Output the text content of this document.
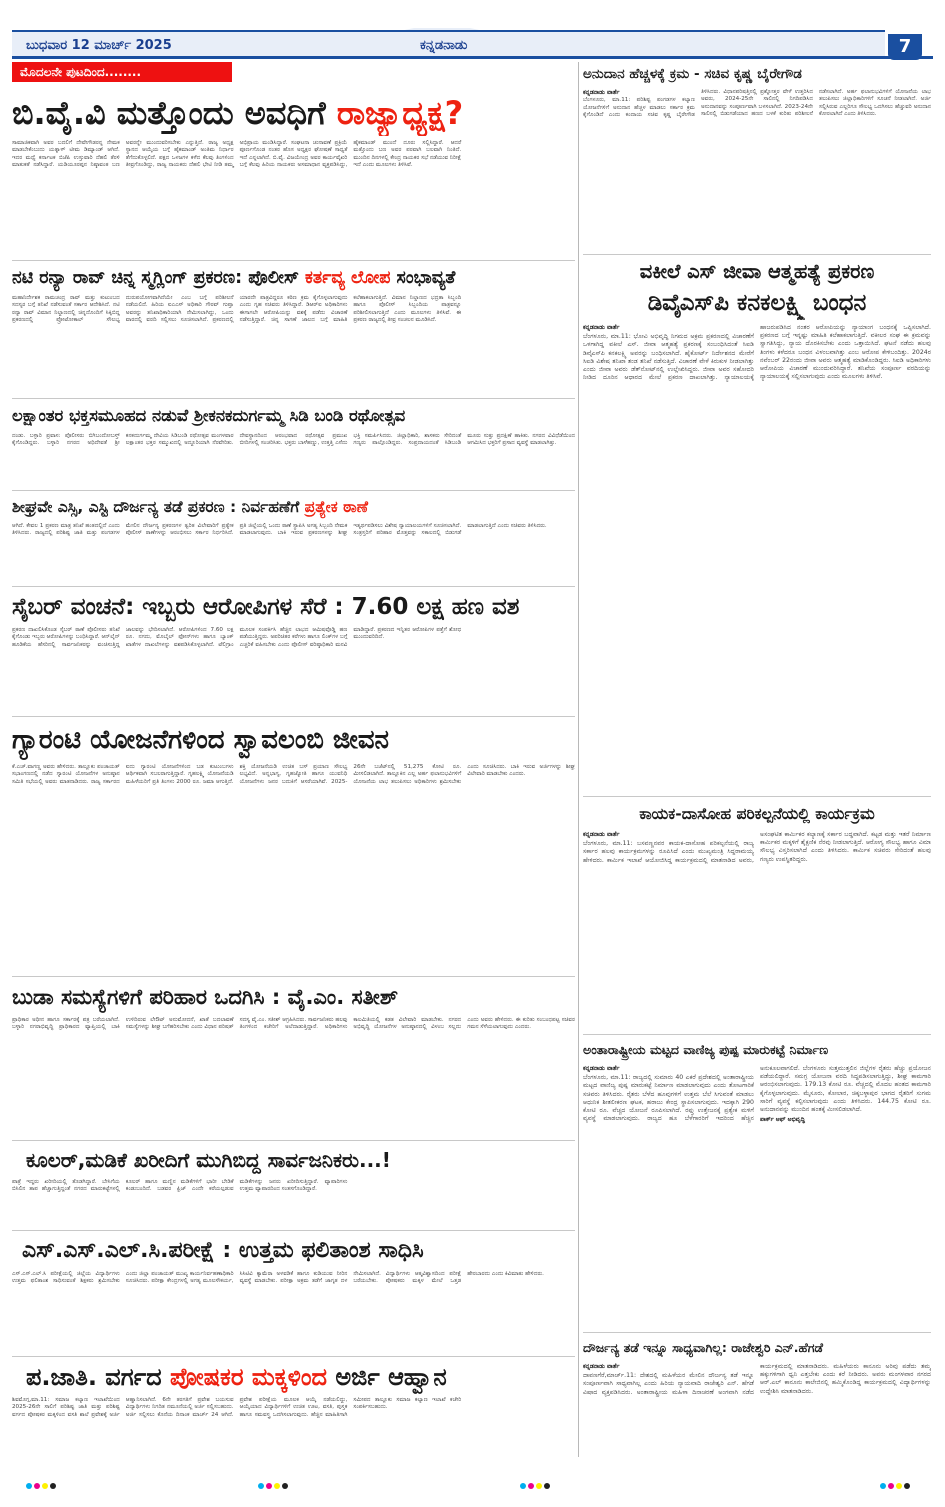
ಬುಧವಾರ 12 ಮಾರ್ಚ್ 2025	ಕನ್ನಡನಾಡು	7
ಮೊದಲನೇ ಪುಟದಿಂದ........
ಬಿ.ವೈ.ವಿ ಮತ್ತೊಂದು ಅವಧಿಗೆ ರಾಜ್ಯಾಧ್ಯಕ್ಷ?
ಸಾಮಾಜಿಕವಾಗಿ ಅವರ ಬದಲಿಗೆ ದೇವೇಗೌಡರನ್ನ ನೇಮಕ ಮಾಡಬೇಕೆಂಬುದು ಯತ್ನಾಳ್ ಟೀಮ ಡಿಮ್ಯಾಂಡ್ ಆಗಿದೆ. ಇದರ ಮಧ್ಯೆ ಕರ್ನಾಟಕ ಬಿಜೆಪಿ ಉಸ್ತುವಾರಿ ದೆಹಲಿ ತೆರಳಿ ಮಾತುಕತೆ ನಡೆಸಿದ್ದಾರೆ. ಯಡಿಯೂರಪ್ಪನ ನಿಷ್ಠಾವಂತ ಬಣ ಅವರನ್ನೇ ಮುಂದುವರಿಸಬೇಕು ಎನ್ನುತ್ತಿದೆ. ರಾಜ್ಯ ಅಧ್ಯಕ್ಷ ಸ್ಥಾನದ ಆಯ್ಕೆಯ ಬಗ್ಗೆ ಹೈಕಮಾಂಡ್ ಅಂತಿಮ ನಿರ್ಧಾರ ತೆಗೆದುಕೊಳ್ಳಲಿದೆ. ಪಕ್ಷದ ಒಳಜಗಳ ಕಳೆದ ಕೆಲವು ತಿಂಗಳಿಂದ ತೀವ್ರಗೊಂಡಿದ್ದು, ರಾಜ್ಯ ನಾಯಕರು ದೆಹಲಿ ಭೇಟಿ ನೀಡಿ ತಮ್ಮ ಅಭಿಪ್ರಾಯ ಮಂಡಿಸಿದ್ದಾರೆ. ಸಂಘಟನಾ ಚುನಾವಣೆ ಪ್ರಕ್ರಿಯೆ ಪೂರ್ಣಗೊಂಡ ನಂತರ ಹೊಸ ಅಧ್ಯಕ್ಷರ ಘೋಷಣೆ ಸಾಧ್ಯತೆ ಇದೆ ಎನ್ನಲಾಗಿದೆ. ಬಿ.ವೈ. ವಿಜಯೇಂದ್ರ ಅವರ ಕಾರ್ಯವೈಖರಿ ಬಗ್ಗೆ ಕೆಲವು ಹಿರಿಯ ನಾಯಕರು ಅಸಮಾಧಾನ ವ್ಯಕ್ತಪಡಿಸಿದ್ದು, ಹೈಕಮಾಂಡ್ ಮುಂದೆ ದೂರು ಸಲ್ಲಿಸಿದ್ದಾರೆ. ಆದರೆ ಮತ್ತೊಂದು ಬಣ ಅವರ ಪರವಾಗಿ ಬಲವಾಗಿ ನಿಂತಿದೆ. ಮುಂದಿನ ದಿನಗಳಲ್ಲಿ ಕೇಂದ್ರ ನಾಯಕರ ಸಭೆ ನಡೆಯುವ ನಿರೀಕ್ಷೆ ಇದೆ ಎಂದು ಮೂಲಗಳು ತಿಳಿಸಿವೆ.
ನಟಿ ರನ್ಯಾ ರಾವ್ ಚಿನ್ನ ಸ್ಮಗ್ಲಿಂಗ್ ಪ್ರಕರಣ: ಪೊಲೀಸ್ ಕರ್ತವ್ಯ ಲೋಪ ಸಂಭಾವ್ಯತೆ
ಮಹಾನಿರ್ದೇಶಕ ರಾಮಚಂದ್ರ ರಾವ್ ಮತ್ತು ಕುಟುಂಬದ ಸದಸ್ಯರ ಬಗ್ಗೆ ತನಿಖೆ ನಡೆಸುವಂತೆ ಸರ್ಕಾರ ಆದೇಶಿಸಿದೆ. ನಟಿ ರನ್ಯಾ ರಾವ್ ವಿಮಾನ ನಿಲ್ದಾಣದಲ್ಲಿ ಚಿನ್ನದೊಂದಿಗೆ ಸಿಕ್ಕಿಬಿದ್ದ ಪ್ರಕರಣದಲ್ಲಿ ಪ್ರೋಟೋಕಾಲ್ ಸೌಲಭ್ಯ ದುರುಪಯೋಗವಾಗಿದೆಯೇ ಎಂಬ ಬಗ್ಗೆ ಪರಿಶೀಲನೆ ನಡೆಯಲಿದೆ. ಹಿರಿಯ ಐಎಎಸ್ ಅಧಿಕಾರಿ ಗೌರವ್ ಗುಪ್ತಾ ಅವರನ್ನು ತನಿಖಾಧಿಕಾರಿಯಾಗಿ ನೇಮಿಸಲಾಗಿದ್ದು, ಒಂದು ವಾರದಲ್ಲಿ ವರದಿ ಸಲ್ಲಿಸಲು ಸೂಚಿಸಲಾಗಿದೆ. ಪ್ರಕರಣದಲ್ಲಿ ಯಾರದೇ ಪಾತ್ರವಿದ್ದರೂ ಕಠಿಣ ಕ್ರಮ ಕೈಗೊಳ್ಳಲಾಗುವುದು ಎಂದು ಗೃಹ ಸಚಿವರು ತಿಳಿಸಿದ್ದಾರೆ. ಡಿಆರ್‌ಐ ಅಧಿಕಾರಿಗಳು ಈಗಾಗಲೇ ಆರೋಪಿಯನ್ನು ವಶಕ್ಕೆ ಪಡೆದು ವಿಚಾರಣೆ ನಡೆಸುತ್ತಿದ್ದಾರೆ. ಚಿನ್ನ ಸಾಗಣೆ ಜಾಲದ ಬಗ್ಗೆ ಮಾಹಿತಿ ಕಲೆಹಾಕಲಾಗುತ್ತಿದೆ. ವಿಮಾನ ನಿಲ್ದಾಣದ ಭದ್ರತಾ ಸಿಬ್ಬಂದಿ ಹಾಗೂ ಪೊಲೀಸ್ ಸಿಬ್ಬಂದಿಯ ಪಾತ್ರವನ್ನೂ ಪರಿಶೀಲಿಸಲಾಗುತ್ತಿದೆ ಎಂದು ಮೂಲಗಳು ತಿಳಿಸಿವೆ. ಈ ಪ್ರಕರಣ ರಾಜ್ಯದಲ್ಲಿ ತೀವ್ರ ಸಂಚಲನ ಮೂಡಿಸಿದೆ.
ಲಕ್ಷಾಂತರ ಭಕ್ತಸಮೂಹದ ನಡುವೆ ಶ್ರೀಕನಕದುರ್ಗಮ್ಮ ಸಿಡಿ ಬಂಡಿ ರಥೋತ್ಸವ
ದಂಡು. ಬಳ್ಳಾರಿ ಪ್ರವಾಸ: ಪೊಲೀಸರು ಬಿಗಿಬಂದೋಬಸ್ತ್ ಕೈಗೊಂಡಿದ್ದರು. ಬಳ್ಳಾರಿ ನಗರದ ಅಧಿದೇವತೆ ಶ್ರೀ ಕನಕದುರ್ಗಮ್ಮ ದೇವಿಯ ಸಿಡಿಬಂಡಿ ರಥೋತ್ಸವ ಮಂಗಳವಾರ ಲಕ್ಷಾಂತರ ಭಕ್ತರ ಸಮ್ಮುಖದಲ್ಲಿ ಅದ್ದೂರಿಯಾಗಿ ನೆರವೇರಿತು. ದೇವಸ್ಥಾನದಿಂದ ಆರಂಭವಾದ ರಥೋತ್ಸವ ಪ್ರಮುಖ ಬೀದಿಗಳಲ್ಲಿ ಸಂಚರಿಸಿತು. ಭಕ್ತರು ಬಾಳೆಹಣ್ಣು, ಉತ್ತತ್ತಿ ಎಸೆದು ಭಕ್ತಿ ಸಮರ್ಪಿಸಿದರು. ಜಿಲ್ಲಾಧಿಕಾರಿ, ಶಾಸಕರು ಸೇರಿದಂತೆ ಗಣ್ಯರು ಪಾಲ್ಗೊಂಡಿದ್ದರು. ಸಂಪ್ರದಾಯದಂತೆ ಸಿಡಿಬಂಡಿ ಮೂರು ಸುತ್ತು ಪ್ರದಕ್ಷಿಣೆ ಹಾಕಿತು. ನಗರದ ವಿವಿಧೆಡೆಯಿಂದ ಆಗಮಿಸಿದ ಭಕ್ತರಿಗೆ ಪ್ರಸಾದ ವ್ಯವಸ್ಥೆ ಮಾಡಲಾಗಿತ್ತು.
ಶೀಘ್ರವೇ ಎಸ್ಸಿ, ಎಸ್ಟಿ ದೌರ್ಜನ್ಯ ತಡೆ ಪ್ರಕರಣ : ನಿರ್ವಹಣೆಗೆ ಪ್ರತ್ಯೇಕ ಠಾಣೆ
ಆಗಿದೆ. ಕೇವಲ 1 ಪ್ರಕರಣ ಮಾತ್ರ ತನಿಖೆ ಹಂತದಲ್ಲಿದೆ ಎಂದು ತಿಳಿಸಿದರು. ರಾಜ್ಯದಲ್ಲಿ ಪರಿಶಿಷ್ಟ ಜಾತಿ ಮತ್ತು ಪಂಗಡಗಳ ಮೇಲಿನ ದೌರ್ಜನ್ಯ ಪ್ರಕರಣಗಳ ತ್ವರಿತ ವಿಲೇವಾರಿಗೆ ಪ್ರತ್ಯೇಕ ಪೊಲೀಸ್ ಠಾಣೆಗಳನ್ನು ಆರಂಭಿಸಲು ಸರ್ಕಾರ ನಿರ್ಧರಿಸಿದೆ. ಪ್ರತಿ ಜಿಲ್ಲೆಯಲ್ಲಿ ಒಂದು ಠಾಣೆ ಸ್ಥಾಪಿಸಿ ಅಗತ್ಯ ಸಿಬ್ಬಂದಿ ನೇಮಕ ಮಾಡಲಾಗುವುದು. ಬಾಕಿ ಇರುವ ಪ್ರಕರಣಗಳನ್ನು ಶೀಘ್ರ ಇತ್ಯರ್ಥಪಡಿಸಲು ವಿಶೇಷ ನ್ಯಾಯಾಲಯಗಳಿಗೆ ಸೂಚಿಸಲಾಗಿದೆ. ಸಂತ್ರಸ್ತರಿಗೆ ಪರಿಹಾರ ಮೊತ್ತವನ್ನು ಸಕಾಲದಲ್ಲಿ ಬಿಡುಗಡೆ ಮಾಡಲಾಗುತ್ತಿದೆ ಎಂದು ಸಚಿವರು ತಿಳಿಸಿದರು.
ಸೈಬರ್ ವಂಚನೆ: ಇಬ್ಬರು ಆರೋಪಿಗಳ ಸೆರೆ : 7.60 ಲಕ್ಷ ಹಣ ವಶ
ಪ್ರಕರಣ ದಾಖಲಿಸಿಕೊಂಡ ಸೈಬರ್ ಠಾಣೆ ಪೊಲೀಸರು ತನಿಖೆ ಕೈಗೊಂಡು ಇಬ್ಬರು ಆರೋಪಿಗಳನ್ನು ಬಂಧಿಸಿದ್ದಾರೆ. ಆನ್‌ಲೈನ್ ಹೂಡಿಕೆಯ ಹೆಸರಿನಲ್ಲಿ ಸಾರ್ವಜನಿಕರನ್ನು ವಂಚಿಸುತ್ತಿದ್ದ ಜಾಲವನ್ನು ಭೇದಿಸಲಾಗಿದೆ. ಆರೋಪಿಗಳಿಂದ 7.60 ಲಕ್ಷ ರೂ. ನಗದು, ಮೊಬೈಲ್ ಫೋನ್‌ಗಳು ಹಾಗೂ ಬ್ಯಾಂಕ್ ಖಾತೆಗಳ ದಾಖಲೆಗಳನ್ನು ವಶಪಡಿಸಿಕೊಳ್ಳಲಾಗಿದೆ. ಟೆಲಿಗ್ರಾಂ ಮೂಲಕ ಸಂಪರ್ಕಿಸಿ ಹೆಚ್ಚಿನ ಲಾಭದ ಆಮಿಷವೊಡ್ಡಿ ಹಣ ಪಡೆಯುತ್ತಿದ್ದರು. ಅಪರಿಚಿತರ ಕರೆಗಳು ಹಾಗೂ ಲಿಂಕ್‌ಗಳ ಬಗ್ಗೆ ಎಚ್ಚರಿಕೆ ವಹಿಸಬೇಕು ಎಂದು ಪೊಲೀಸ್ ವರಿಷ್ಠಾಧಿಕಾರಿ ಮನವಿ ಮಾಡಿದ್ದಾರೆ. ಪ್ರಕರಣದ ಇನ್ನಿತರ ಆರೋಪಿಗಳ ಪತ್ತೆಗೆ ಶೋಧ ಮುಂದುವರಿದಿದೆ.
ಗ್ಯಾರಂಟಿ ಯೋಜನೆಗಳಿಂದ ಸ್ವಾವಲಂಬಿ ಜೀವನ
ಕೆ.ಎಚ್.ವಾಗಣ್ಣ ಅವರು ಹೇಳಿದರು. ತಾಲ್ಲೂಕು ಪಂಚಾಯತ್ ಸಭಾಂಗಣದಲ್ಲಿ ನಡೆದ ಗ್ಯಾರಂಟಿ ಯೋಜನೆಗಳ ಅನುಷ್ಠಾನ ಸಮಿತಿ ಸಭೆಯಲ್ಲಿ ಅವರು ಮಾತನಾಡಿದರು. ರಾಜ್ಯ ಸರ್ಕಾರದ ಐದು ಗ್ಯಾರಂಟಿ ಯೋಜನೆಗಳಿಂದ ಬಡ ಕುಟುಂಬಗಳು ಆರ್ಥಿಕವಾಗಿ ಸಬಲರಾಗುತ್ತಿದ್ದಾರೆ. ಗೃಹಲಕ್ಷ್ಮಿ ಯೋಜನೆಯಡಿ ಮಹಿಳೆಯರಿಗೆ ಪ್ರತಿ ತಿಂಗಳು 2000 ರೂ. ಜಮಾ ಆಗುತ್ತಿದೆ. ಶಕ್ತಿ ಯೋಜನೆಯಡಿ ಉಚಿತ ಬಸ್ ಪ್ರಯಾಣ ಸೌಲಭ್ಯ ಲಭ್ಯವಿದೆ. ಅನ್ನಭಾಗ್ಯ, ಗೃಹಜ್ಯೋತಿ ಹಾಗೂ ಯುವನಿಧಿ ಯೋಜನೆಗಳು ಜನರ ಬದುಕಿಗೆ ಆಸರೆಯಾಗಿವೆ. 2025-26ನೇ ಬಜೆಟ್‌ನಲ್ಲಿ 51,275 ಕೋಟಿ ರೂ. ಮೀಸಲಿಡಲಾಗಿದೆ. ತಾಲ್ಲೂಕಿನ ಎಲ್ಲ ಅರ್ಹ ಫಲಾನುಭವಿಗಳಿಗೆ ಯೋಜನೆಯ ಲಾಭ ತಲುಪಿಸಲು ಅಧಿಕಾರಿಗಳು ಶ್ರಮಿಸಬೇಕು ಎಂದು ಸೂಚಿಸಿದರು. ಬಾಕಿ ಇರುವ ಅರ್ಜಿಗಳನ್ನು ಶೀಘ್ರ ವಿಲೇವಾರಿ ಮಾಡಬೇಕು ಎಂದರು.
ಬುಡಾ ಸಮಸ್ಯೆಗಳಿಗೆ ಪರಿಹಾರ ಒದಗಿಸಿ : ವೈ.ಎಂ. ಸತೀಶ್
ಪ್ರಾಧಿಕಾರ ಅಧೀನ ಹಾಗೂ ಸರ್ಕಾರಕ್ಕೆ ಪತ್ರ ಬರೆಯಲಾಗಿದೆ. ಬಳ್ಳಾರಿ ನಗರಾಭಿವೃದ್ಧಿ ಪ್ರಾಧಿಕಾರದ ವ್ಯಾಪ್ತಿಯಲ್ಲಿ ಬಾಕಿ ಉಳಿದಿರುವ ಲೇಔಟ್ ಅನುಮೋದನೆ, ಖಾತೆ ಬದಲಾವಣೆ ಸಮಸ್ಯೆಗಳನ್ನು ಶೀಘ್ರ ಬಗೆಹರಿಸಬೇಕು ಎಂದು ವಿಧಾನ ಪರಿಷತ್ ಸದಸ್ಯ ವೈ.ಎಂ. ಸತೀಶ್ ಆಗ್ರಹಿಸಿದರು. ಸಾರ್ವಜನಿಕರು ಹಲವು ತಿಂಗಳಿಂದ ಕಚೇರಿಗೆ ಅಲೆದಾಡುತ್ತಿದ್ದಾರೆ. ಅಧಿಕಾರಿಗಳು ಕಾಲಮಿತಿಯಲ್ಲಿ ಕಡತ ವಿಲೇವಾರಿ ಮಾಡಬೇಕು. ನಗರದ ಅಭಿವೃದ್ಧಿ ಯೋಜನೆಗಳ ಅನುಷ್ಠಾನದಲ್ಲಿ ವಿಳಂಬ ಸಲ್ಲದು ಎಂದು ಅವರು ಹೇಳಿದರು. ಈ ಕುರಿತು ಸಂಬಂಧಪಟ್ಟ ಸಚಿವರ ಗಮನ ಸೆಳೆಯಲಾಗುವುದು ಎಂದರು.
ಕೂಲರ್,ಮಡಿಕೆ ಖರೀದಿಗೆ ಮುಗಿಬಿದ್ದ ಸಾರ್ವಜನಿಕರು...!
ಪಾತ್ರೆ ಇದ್ದರು ಖರೀದಿಯಲ್ಲಿ ತೊಡಗಿದ್ದಾರೆ. ಬೇಸಿಗೆಯ ಬಿಸಿಲಿನ ತಾಪ ಹೆಚ್ಚಾಗುತ್ತಿದ್ದಂತೆ ನಗರದ ಮಾರುಕಟ್ಟೆಗಳಲ್ಲಿ ಕೂಲರ್ ಹಾಗೂ ಮಣ್ಣಿನ ಮಡಿಕೆಗಳಿಗೆ ಭಾರೀ ಬೇಡಿಕೆ ಕಂಡುಬಂದಿದೆ. ಬಡವರ ಫ್ರಿಜ್ ಎಂದೇ ಕರೆಯಲ್ಪಡುವ ಮಡಿಕೆಗಳನ್ನು ಜನರು ಖರೀದಿಸುತ್ತಿದ್ದಾರೆ. ವ್ಯಾಪಾರಿಗಳು ಉತ್ತಮ ವ್ಯಾಪಾರದಿಂದ ಸಂತಸಗೊಂಡಿದ್ದಾರೆ.
ಎಸ್.ಎಸ್.ಎಲ್.ಸಿ.ಪರೀಕ್ಷೆ : ಉತ್ತಮ ಫಲಿತಾಂಶ ಸಾಧಿಸಿ
ಎಸ್.ಎಸ್.ಎಲ್.ಸಿ ಪರೀಕ್ಷೆಯಲ್ಲಿ ಜಿಲ್ಲೆಯ ವಿದ್ಯಾರ್ಥಿಗಳು ಉತ್ತಮ ಫಲಿತಾಂಶ ಸಾಧಿಸುವಂತೆ ಶಿಕ್ಷಕರು ಶ್ರಮಿಸಬೇಕು ಎಂದು ಜಿಲ್ಲಾ ಪಂಚಾಯತ್ ಮುಖ್ಯ ಕಾರ್ಯನಿರ್ವಹಣಾಧಿಕಾರಿ ಸೂಚಿಸಿದರು. ಪರೀಕ್ಷಾ ಕೇಂದ್ರಗಳಲ್ಲಿ ಅಗತ್ಯ ಮೂಲಸೌಕರ್ಯ, ಸಿಸಿಟಿವಿ ಕ್ಯಾಮೆರಾ ಅಳವಡಿಕೆ ಹಾಗೂ ಕುಡಿಯುವ ನೀರಿನ ವ್ಯವಸ್ಥೆ ಮಾಡಬೇಕು. ಪರೀಕ್ಷಾ ಅಕ್ರಮ ತಡೆಗೆ ಜಾಗೃತ ದಳ ನೇಮಿಸಲಾಗಿದೆ. ವಿದ್ಯಾರ್ಥಿಗಳು ಆತ್ಮವಿಶ್ವಾಸದಿಂದ ಪರೀಕ್ಷೆ ಬರೆಯಬೇಕು. ಪೋಷಕರು ಮಕ್ಕಳ ಮೇಲೆ ಒತ್ತಡ ಹೇರಬಾರದು ಎಂದು ಕಿವಿಮಾತು ಹೇಳಿದರು.
ಪ.ಜಾತಿ. ವರ್ಗದ ಪೋಷಕರ ಮಕ್ಕಳಿಂದ ಅರ್ಜಿ ಆಹ್ವಾನ
ಶಿವಮೊಗ್ಗ,ಮಾ.11: ಸಮಾಜ ಕಲ್ಯಾಣ ಇಲಾಖೆಯಿಂದ 2025-26ನೇ ಸಾಲಿಗೆ ಪರಿಶಿಷ್ಟ ಜಾತಿ ಮತ್ತು ಪರಿಶಿಷ್ಟ ವರ್ಗದ ಪೋಷಕರ ಮಕ್ಕಳಿಂದ ವಸತಿ ಶಾಲೆ ಪ್ರವೇಶಕ್ಕೆ ಅರ್ಜಿ ಆಹ್ವಾನಿಸಲಾಗಿದೆ. 6ನೇ ತರಗತಿಗೆ ಪ್ರವೇಶ ಬಯಸುವ ವಿದ್ಯಾರ್ಥಿಗಳು ನಿಗದಿತ ನಮೂನೆಯಲ್ಲಿ ಅರ್ಜಿ ಸಲ್ಲಿಸಬಹುದು. ಅರ್ಜಿ ಸಲ್ಲಿಸಲು ಕೊನೆಯ ದಿನಾಂಕ ಮಾರ್ಚ್ 24 ಆಗಿದೆ. ಪ್ರವೇಶ ಪರೀಕ್ಷೆಯ ಮೂಲಕ ಆಯ್ಕೆ ನಡೆಯಲಿದ್ದು, ಆಯ್ಕೆಯಾದ ವಿದ್ಯಾರ್ಥಿಗಳಿಗೆ ಉಚಿತ ಊಟ, ವಸತಿ, ಪುಸ್ತಕ ಹಾಗೂ ಸಮವಸ್ತ್ರ ಒದಗಿಸಲಾಗುವುದು. ಹೆಚ್ಚಿನ ಮಾಹಿತಿಗಾಗಿ ಸಮೀಪದ ತಾಲ್ಲೂಕು ಸಮಾಜ ಕಲ್ಯಾಣ ಇಲಾಖೆ ಕಚೇರಿ ಸಂಪರ್ಕಿಸಬಹುದು.
ಅನುದಾನ ಹೆಚ್ಚಳಕ್ಕೆ ಕ್ರಮ - ಸಚಿವ ಕೃಷ್ಣ ಬೈರೇಗೌಡ
ಕನ್ನಡನಾಡು ವಾರ್ತೆ
ಬೆಂಗಳೂರು, ಮಾ.11: ಪರಿಶಿಷ್ಟ ಪಂಗಡಗಳ ಕಲ್ಯಾಣ ಯೋಜನೆಗಳಿಗೆ ಅನುದಾನ ಹೆಚ್ಚಳ ಮಾಡಲು ಸರ್ಕಾರ ಕ್ರಮ ಕೈಗೊಂಡಿದೆ ಎಂದು ಕಂದಾಯ ಸಚಿವ ಕೃಷ್ಣ ಬೈರೇಗೌಡ ತಿಳಿಸಿದರು. ವಿಧಾನಪರಿಷತ್ತಿನಲ್ಲಿ ಪ್ರಶ್ನೋತ್ತರ ವೇಳೆ ಉತ್ತರಿಸಿದ ಅವರು, 2024-25ನೇ ಸಾಲಿನಲ್ಲಿ ನಿಗದಿಪಡಿಸಿದ ಅನುದಾನವನ್ನು ಸಂಪೂರ್ಣವಾಗಿ ಬಳಸಲಾಗಿದೆ. 2023-24ನೇ ಸಾಲಿನಲ್ಲಿ ಬಿಡುಗಡೆಯಾದ ಹಣದ ಬಳಕೆ ಕುರಿತು ಪರಿಶೀಲನೆ ನಡೆಸಲಾಗಿದೆ. ಅರ್ಹ ಫಲಾನುಭವಿಗಳಿಗೆ ಯೋಜನೆಯ ಲಾಭ ತಲುಪಿಸಲು ಜಿಲ್ಲಾಧಿಕಾರಿಗಳಿಗೆ ಸೂಚನೆ ನೀಡಲಾಗಿದೆ. ಅರ್ಜಿ ಸಲ್ಲಿಸಿರುವ ಎಲ್ಲರಿಗೂ ಸೌಲಭ್ಯ ಒದಗಿಸಲು ಹೆಚ್ಚುವರಿ ಅನುದಾನ ಕೋರಲಾಗಿದೆ ಎಂದು ತಿಳಿಸಿದರು.
ವಕೀಲೆ ಎಸ್ ಜೀವಾ ಆತ್ಮಹತ್ಯೆ ಪ್ರಕರಣ
ಡಿವೈಎಸ್‌ಪಿ ಕನಕಲಕ್ಷ್ಮಿ ಬಂಧನ
ಕನ್ನಡನಾಡು ವಾರ್ತೆ
ಬೆಂಗಳೂರು, ಮಾ.11: ಭೋವಿ ಅಭಿವೃದ್ಧಿ ನಿಗಮದ ಅಕ್ರಮ ಪ್ರಕರಣದಲ್ಲಿ ವಿಚಾರಣೆಗೆ ಒಳಗಾಗಿದ್ದ ವಕೀಲೆ ಎಸ್. ಜೀವಾ ಆತ್ಮಹತ್ಯೆ ಪ್ರಕರಣಕ್ಕೆ ಸಂಬಂಧಿಸಿದಂತೆ ಸಿಐಡಿ ಡಿವೈಎಸ್‌ಪಿ ಕನಕಲಕ್ಷ್ಮಿ ಅವರನ್ನು ಬಂಧಿಸಲಾಗಿದೆ. ಹೈಕೋರ್ಟ್ ನಿರ್ದೇಶನದ ಮೇರೆಗೆ ಸಿಐಡಿ ವಿಶೇಷ ತನಿಖಾ ತಂಡ ತನಿಖೆ ನಡೆಸುತ್ತಿದೆ. ವಿಚಾರಣೆ ವೇಳೆ ಕಿರುಕುಳ ನೀಡಲಾಗಿತ್ತು ಎಂದು ಜೀವಾ ಅವರು ಡೆತ್‌ನೋಟ್‌ನಲ್ಲಿ ಉಲ್ಲೇಖಿಸಿದ್ದರು. ಜೀವಾ ಅವರ ಸಹೋದರಿ ನೀಡಿದ ದೂರಿನ ಆಧಾರದ ಮೇಲೆ ಪ್ರಕರಣ ದಾಖಲಾಗಿತ್ತು. ನ್ಯಾಯಾಲಯಕ್ಕೆ ಹಾಜರುಪಡಿಸಿದ ನಂತರ ಆರೋಪಿಯನ್ನು ನ್ಯಾಯಾಂಗ ಬಂಧನಕ್ಕೆ ಒಪ್ಪಿಸಲಾಗಿದೆ. ಪ್ರಕರಣದ ಬಗ್ಗೆ ಇನ್ನಷ್ಟು ಮಾಹಿತಿ ಕಲೆಹಾಕಲಾಗುತ್ತಿದೆ. ವಕೀಲರ ಸಂಘ ಈ ಕ್ರಮವನ್ನು ಸ್ವಾಗತಿಸಿದ್ದು, ನ್ಯಾಯ ದೊರಕಿಸಬೇಕು ಎಂದು ಒತ್ತಾಯಿಸಿದೆ. ಘಟನೆ ನಡೆದು ಹಲವು ತಿಂಗಳು ಕಳೆದರೂ ಬಂಧನ ವಿಳಂಬವಾಗಿತ್ತು ಎಂಬ ಆರೋಪ ಕೇಳಿಬಂದಿತ್ತು. 2024ರ ನವೆಂಬರ್ 22ರಂದು ಜೀವಾ ಅವರು ಆತ್ಮಹತ್ಯೆ ಮಾಡಿಕೊಂಡಿದ್ದರು. ಸಿಐಡಿ ಅಧಿಕಾರಿಗಳು ಆರೋಪಿಯ ವಿಚಾರಣೆ ಮುಂದುವರಿಸಿದ್ದಾರೆ. ತನಿಖೆಯ ಸಂಪೂರ್ಣ ವರದಿಯನ್ನು ನ್ಯಾಯಾಲಯಕ್ಕೆ ಸಲ್ಲಿಸಲಾಗುವುದು ಎಂದು ಮೂಲಗಳು ತಿಳಿಸಿವೆ.
ಕಾಯಕ-ದಾಸೋಹ ಪರಿಕಲ್ಪನೆಯಲ್ಲಿ ಕಾರ್ಯಕ್ರಮ
ಕನ್ನಡನಾಡು ವಾರ್ತೆ
ಬೆಂಗಳೂರು, ಮಾ.11: ಬಸವಣ್ಣನವರ ಕಾಯಕ-ದಾಸೋಹ ಪರಿಕಲ್ಪನೆಯಲ್ಲಿ ರಾಜ್ಯ ಸರ್ಕಾರ ಹಲವು ಕಾರ್ಯಕ್ರಮಗಳನ್ನು ರೂಪಿಸಿದೆ ಎಂದು ಮುಖ್ಯಮಂತ್ರಿ ಸಿದ್ದರಾಮಯ್ಯ ಹೇಳಿದರು. ಕಾರ್ಮಿಕ ಇಲಾಖೆ ಆಯೋಜಿಸಿದ್ದ ಕಾರ್ಯಕ್ರಮದಲ್ಲಿ ಮಾತನಾಡಿದ ಅವರು, ಅಸಂಘಟಿತ ಕಾರ್ಮಿಕರ ಕಲ್ಯಾಣಕ್ಕೆ ಸರ್ಕಾರ ಬದ್ಧವಾಗಿದೆ. ಕಟ್ಟಡ ಮತ್ತು ಇತರೆ ನಿರ್ಮಾಣ ಕಾರ್ಮಿಕರ ಮಕ್ಕಳಿಗೆ ಶೈಕ್ಷಣಿಕ ನೆರವು ನೀಡಲಾಗುತ್ತಿದೆ. ಆರೋಗ್ಯ ಸೌಲಭ್ಯ ಹಾಗೂ ವಿಮಾ ಸೌಲಭ್ಯ ವಿಸ್ತರಿಸಲಾಗಿದೆ ಎಂದು ತಿಳಿಸಿದರು. ಕಾರ್ಮಿಕ ಸಚಿವರು ಸೇರಿದಂತೆ ಹಲವು ಗಣ್ಯರು ಉಪಸ್ಥಿತರಿದ್ದರು.
ಅಂತಾರಾಷ್ಟ್ರೀಯ ಮಟ್ಟದ ವಾಣಿಜ್ಯ ಪುಷ್ಪ ಮಾರುಕಟ್ಟೆ ನಿರ್ಮಾಣ
ಕನ್ನಡನಾಡು ವಾರ್ತೆ
ಬೆಂಗಳೂರು, ಮಾ.11: ರಾಜ್ಯದಲ್ಲಿ ಸುಮಾರು 40 ಎಕರೆ ಪ್ರದೇಶದಲ್ಲಿ ಅಂತಾರಾಷ್ಟ್ರೀಯ ಮಟ್ಟದ ವಾಣಿಜ್ಯ ಪುಷ್ಪ ಮಾರುಕಟ್ಟೆ ನಿರ್ಮಾಣ ಮಾಡಲಾಗುವುದು ಎಂದು ತೋಟಗಾರಿಕೆ ಸಚಿವರು ತಿಳಿಸಿದರು. ರೈತರು ಬೆಳೆದ ಹೂವುಗಳಿಗೆ ಉತ್ತಮ ಬೆಲೆ ಸಿಗುವಂತೆ ಮಾಡಲು ಆಧುನಿಕ ಶೀತಲೀಕರಣ ಘಟಕ, ಹರಾಜು ಕೇಂದ್ರ ಸ್ಥಾಪಿಸಲಾಗುವುದು. ಇದಕ್ಕಾಗಿ 290 ಕೋಟಿ ರೂ. ವೆಚ್ಚದ ಯೋಜನೆ ರೂಪಿಸಲಾಗಿದೆ. ರಫ್ತು ಉತ್ತೇಜನಕ್ಕೆ ಪ್ರತ್ಯೇಕ ಮಳಿಗೆ ವ್ಯವಸ್ಥೆ ಮಾಡಲಾಗುವುದು. ರಾಜ್ಯದ ಹೂ ಬೆಳೆಗಾರರಿಗೆ ಇದರಿಂದ ಹೆಚ್ಚಿನ ಅನುಕೂಲವಾಗಲಿದೆ. ಬೆಂಗಳೂರು ಸುತ್ತಮುತ್ತಲಿನ ಜಿಲ್ಲೆಗಳ ರೈತರು ಹೆಚ್ಚು ಪ್ರಯೋಜನ ಪಡೆಯಲಿದ್ದಾರೆ. ಸಮಗ್ರ ಯೋಜನಾ ವರದಿ ಸಿದ್ಧಪಡಿಸಲಾಗುತ್ತಿದ್ದು, ಶೀಘ್ರ ಕಾಮಗಾರಿ ಆರಂಭಿಸಲಾಗುವುದು. 179.13 ಕೋಟಿ ರೂ. ವೆಚ್ಚದಲ್ಲಿ ಮೊದಲ ಹಂತದ ಕಾಮಗಾರಿ ಕೈಗೊಳ್ಳಲಾಗುವುದು. ಮೈಸೂರು, ಕೋಲಾರ, ಚಿಕ್ಕಬಳ್ಳಾಪುರ ಭಾಗದ ರೈತರಿಗೆ ಸುಗಮ ಸಾರಿಗೆ ವ್ಯವಸ್ಥೆ ಕಲ್ಪಿಸಲಾಗುವುದು ಎಂದು ತಿಳಿಸಿದರು. 144.75 ಕೋಟಿ ರೂ. ಅನುದಾನವನ್ನು ಮುಂದಿನ ಹಂತಕ್ಕೆ ಮೀಸಲಿಡಲಾಗಿದೆ.
ಪಾರ್ಕ್ ಆಫ್ ಅಭಿವೃದ್ಧಿ
ದೌರ್ಜನ್ಯ ತಡೆ ಇನ್ನೂ ಸಾಧ್ಯವಾಗಿಲ್ಲ: ರಾಜೇಶ್ವರಿ ಎನ್.ಹೆಗಡೆ
ಕನ್ನಡನಾಡು ವಾರ್ತೆ
ದಾವಣಗೆರೆ,ಮಾರ್ಚ್.11: ದೇಶದಲ್ಲಿ ಮಹಿಳೆಯರ ಮೇಲಿನ ದೌರ್ಜನ್ಯ ತಡೆ ಇನ್ನೂ ಸಂಪೂರ್ಣವಾಗಿ ಸಾಧ್ಯವಾಗಿಲ್ಲ ಎಂದು ಹಿರಿಯ ನ್ಯಾಯವಾದಿ ರಾಜೇಶ್ವರಿ ಎನ್. ಹೆಗಡೆ ವಿಷಾದ ವ್ಯಕ್ತಪಡಿಸಿದರು. ಅಂತಾರಾಷ್ಟ್ರೀಯ ಮಹಿಳಾ ದಿನಾಚರಣೆ ಅಂಗವಾಗಿ ನಡೆದ ಕಾರ್ಯಕ್ರಮದಲ್ಲಿ ಮಾತನಾಡಿದರು. ಮಹಿಳೆಯರು ಕಾನೂನು ಅರಿವು ಪಡೆದು ತಮ್ಮ ಹಕ್ಕುಗಳಿಗಾಗಿ ಧ್ವನಿ ಎತ್ತಬೇಕು ಎಂದು ಕರೆ ನೀಡಿದರು. ಅವರು ಮಂಗಳವಾರ ನಗರದ ಆರ್.ಎಲ್ ಕಾನೂನು ಕಾಲೇಜಿನಲ್ಲಿ ಹಮ್ಮಿಕೊಂಡಿದ್ದ ಕಾರ್ಯಕ್ರಮದಲ್ಲಿ ವಿದ್ಯಾರ್ಥಿಗಳನ್ನು ಉದ್ದೇಶಿಸಿ ಮಾತನಾಡಿದರು.
